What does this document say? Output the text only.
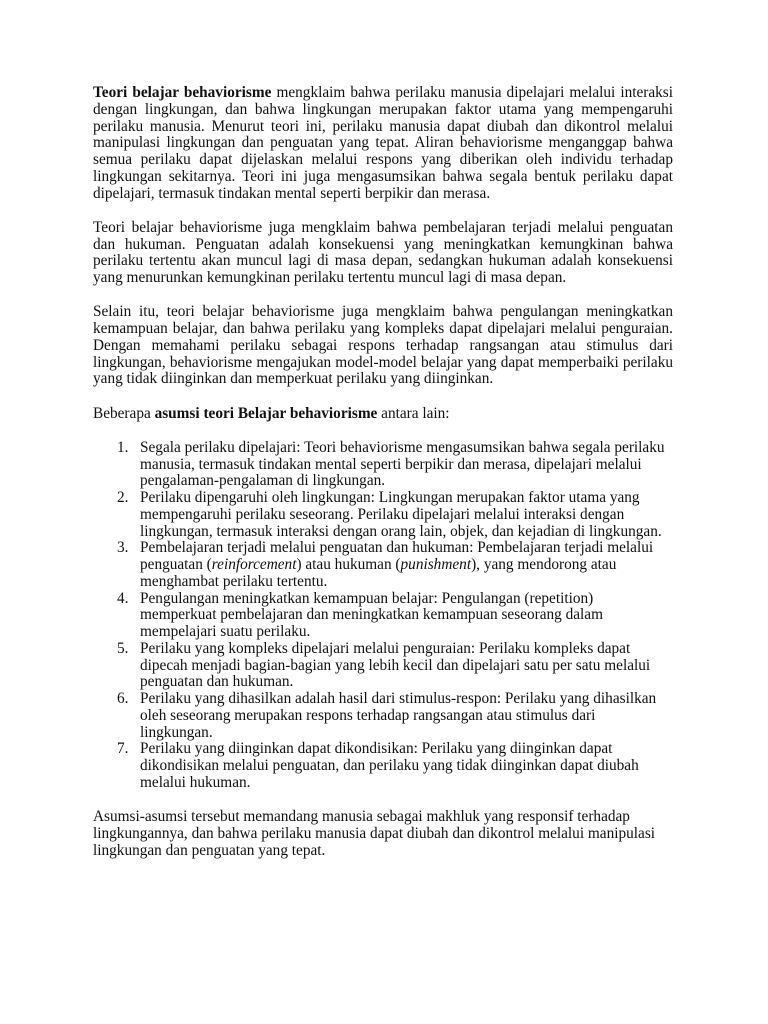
Teori belajar behaviorisme mengklaim bahwa perilaku manusia dipelajari melalui interaksi dengan lingkungan, dan bahwa lingkungan merupakan faktor utama yang mempengaruhi perilaku manusia. Menurut teori ini, perilaku manusia dapat diubah dan dikontrol melalui manipulasi lingkungan dan penguatan yang tepat. Aliran behaviorisme menganggap bahwa semua perilaku dapat dijelaskan melalui respons yang diberikan oleh individu terhadap lingkungan sekitarnya. Teori ini juga mengasumsikan bahwa segala bentuk perilaku dapat dipelajari, termasuk tindakan mental seperti berpikir dan merasa.

Teori belajar behaviorisme juga mengklaim bahwa pembelajaran terjadi melalui penguatan dan hukuman. Penguatan adalah konsekuensi yang meningkatkan kemungkinan bahwa perilaku tertentu akan muncul lagi di masa depan, sedangkan hukuman adalah konsekuensi yang menurunkan kemungkinan perilaku tertentu muncul lagi di masa depan.

Selain itu, teori belajar behaviorisme juga mengklaim bahwa pengulangan meningkatkan kemampuan belajar, dan bahwa perilaku yang kompleks dapat dipelajari melalui penguraian. Dengan memahami perilaku sebagai respons terhadap rangsangan atau stimulus dari lingkungan, behaviorisme mengajukan model-model belajar yang dapat memperbaiki perilaku yang tidak diinginkan dan memperkuat perilaku yang diinginkan.

Beberapa asumsi teori Belajar behaviorisme antara lain:

1. Segala perilaku dipelajari: Teori behaviorisme mengasumsikan bahwa segala perilaku manusia, termasuk tindakan mental seperti berpikir dan merasa, dipelajari melalui pengalaman-pengalaman di lingkungan.
2. Perilaku dipengaruhi oleh lingkungan: Lingkungan merupakan faktor utama yang mempengaruhi perilaku seseorang. Perilaku dipelajari melalui interaksi dengan lingkungan, termasuk interaksi dengan orang lain, objek, dan kejadian di lingkungan.
3. Pembelajaran terjadi melalui penguatan dan hukuman: Pembelajaran terjadi melalui penguatan (reinforcement) atau hukuman (punishment), yang mendorong atau menghambat perilaku tertentu.
4. Pengulangan meningkatkan kemampuan belajar: Pengulangan (repetition) memperkuat pembelajaran dan meningkatkan kemampuan seseorang dalam mempelajari suatu perilaku.
5. Perilaku yang kompleks dipelajari melalui penguraian: Perilaku kompleks dapat dipecah menjadi bagian-bagian yang lebih kecil dan dipelajari satu per satu melalui penguatan dan hukuman.
6. Perilaku yang dihasilkan adalah hasil dari stimulus-respon: Perilaku yang dihasilkan oleh seseorang merupakan respons terhadap rangsangan atau stimulus dari lingkungan.
7. Perilaku yang diinginkan dapat dikondisikan: Perilaku yang diinginkan dapat dikondisikan melalui penguatan, dan perilaku yang tidak diinginkan dapat diubah melalui hukuman.

Asumsi-asumsi tersebut memandang manusia sebagai makhluk yang responsif terhadap lingkungannya, dan bahwa perilaku manusia dapat diubah dan dikontrol melalui manipulasi lingkungan dan penguatan yang tepat.
